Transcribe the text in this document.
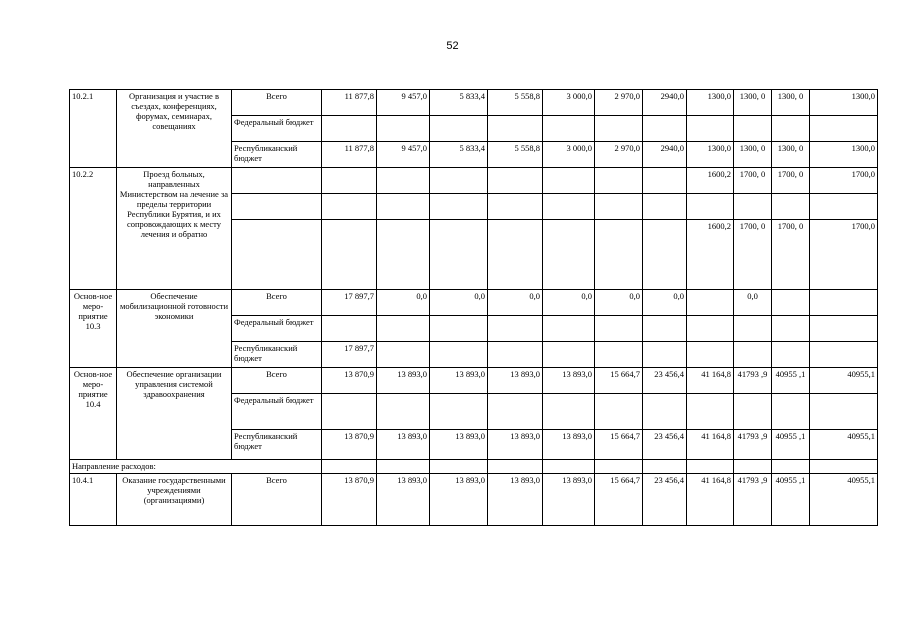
52
10.2.1	Организация и участие в съездах, конференциях, форумах, семинарах, совещаниях	Всего	11 877,8	9 457,0	5 833,4	5 558,8	3 000,0	2 970,0	2940,0	1300,0	1300, 0	1300, 0	1300,0
		Федеральный бюджет											
		Республиканский бюджет	11 877,8	9 457,0	5 833,4	5 558,8	3 000,0	2 970,0	2940,0	1300,0	1300, 0	1300, 0	1300,0
10.2.2	Проезд больных, направленных Министерством на лечение за пределы территории Республики Бурятия, и их сопровождающих к месту лечения и обратно									1600,2	1700, 0	1700, 0	1700,0

										1600,2	1700, 0	1700, 0	1700,0
Основ-ное меро-приятие 10.3	Обеспечение мобилизационной готовности экономики	Всего	17 897,7	0,0	0,0	0,0	0,0	0,0	0,0		0,0		
		Федеральный бюджет											
		Республиканский бюджет	17 897,7										
Основ-ное меро-приятие 10.4	Обеспечение организации управления системой здравоохранения	Всего	13 870,9	13 893,0	13 893,0	13 893,0	13 893,0	15 664,7	23 456,4	41 164,8	41793 ,9	40955 ,1	40955,1
		Федеральный бюджет											
		Республиканский бюджет	13 870,9	13 893,0	13 893,0	13 893,0	13 893,0	15 664,7	23 456,4	41 164,8	41793 ,9	40955 ,1	40955,1
Направление расходов:													
10.4.1	Оказание государственными учреждениями (организациями)	Всего	13 870,9	13 893,0	13 893,0	13 893,0	13 893,0	15 664,7	23 456,4	41 164,8	41793 ,9	40955 ,1	40955,1
